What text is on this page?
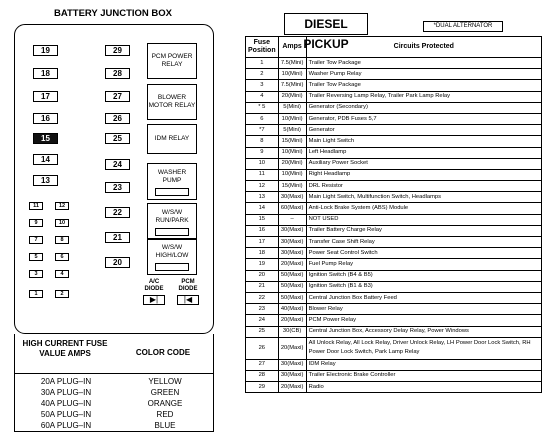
BATTERY JUNCTION BOX
19
18
17
16
15
14
13
29
28
27
26
25
24
23
22
21
20
11	12
9	10
7	8
5	6
3	4
1	2
PCM POWER RELAY
BLOWER MOTOR RELAY
IDM RELAY
WASHER PUMP
W/S/W RUN/PARK
W/S/W HIGH/LOW
A/C DIODE
PCM DIODE
▶|	|◀
HIGH CURRENT FUSE VALUE AMPS	COLOR CODE
20A PLUG–IN	YELLOW
30A PLUG–IN	GREEN
40A PLUG–IN	ORANGE
50A PLUG–IN	RED
60A PLUG–IN	BLUE
DIESEL PICKUP
*DUAL ALTERNATOR
Fuse Position	Amps	Circuits Protected
1	7.5(Mini)	Trailer Tow Package
2	10(Mini)	Washer Pump Relay
3	7.5(Mini)	Trailer Tow Package
4	20(Mini)	Trailer Reversing Lamp Relay, Trailer Park Lamp Relay
* 5	5(Mini)	Generator (Secondary)
6	10(Mini)	Generator, PDB Fuses 5,7
*7	5(Mini)	Generator
8	15(Mini)	Main Light Switch
9	10(Mini)	Left Headlamp
10	20(Mini)	Auxiliary Power Socket
11	10(Mini)	Right Headlamp
12	15(Mini)	DRL Resistor
13	30(Maxi)	Main Light Switch, Multifunction Switch, Headlamps
14	60(Maxi)	Anti-Lock Brake System (ABS) Module
15	–	NOT USED
16	30(Maxi)	Trailer Battery Charge Relay
17	30(Maxi)	Transfer Case Shift Relay
18	30(Maxi)	Power Seat Control Switch
19	20(Maxi)	Fuel Pump Relay
20	50(Maxi)	Ignition Switch (B4 & B5)
21	50(Maxi)	Ignition Switch (B1 & B3)
22	50(Maxi)	Central Junction Box Battery Feed
23	40(Maxi)	Blower Relay
24	20(Maxi)	PCM Power Relay
25	30(CB)	Central Junction Box, Accessory Delay Relay, Power Windows
26	20(Maxi)	All Unlock Relay, All Lock Relay, Driver Unlock Relay, LH Power Door Lock Switch, RH Power Door Lock Switch, Park Lamp Relay
27	30(Maxi)	IDM Relay
28	30(Maxi)	Trailer Electronic Brake Controller
29	20(Maxi)	Radio
